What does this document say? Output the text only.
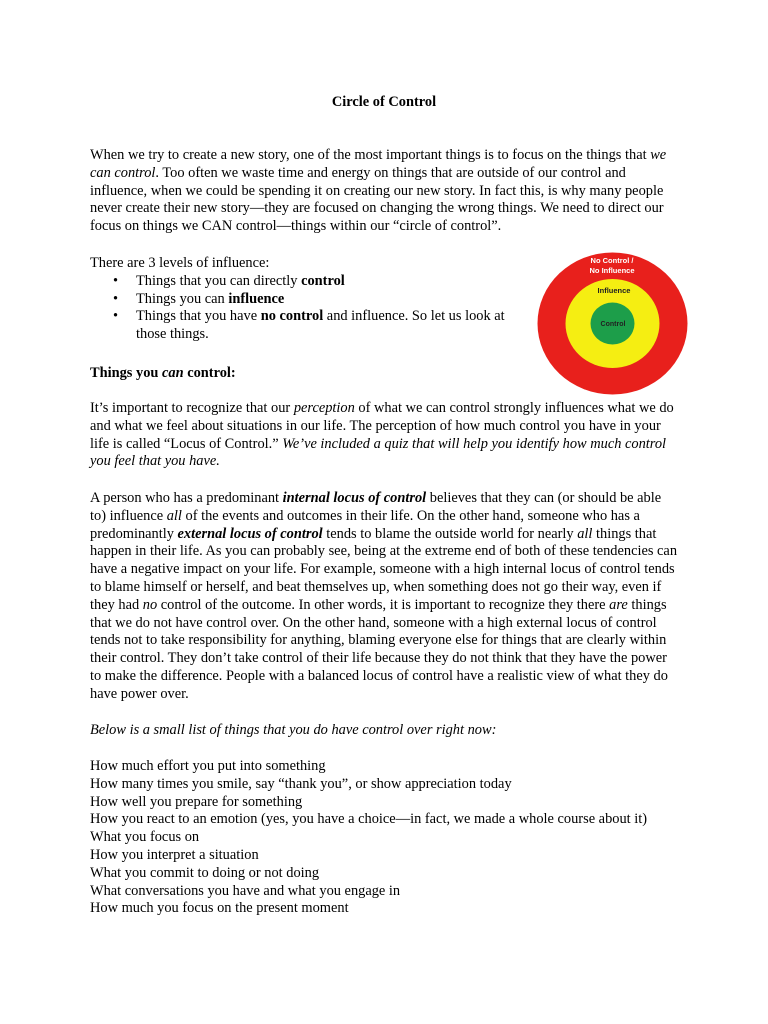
Circle of Control

When we try to create a new story, one of the most important things is to focus on the things that we can control. Too often we waste time and energy on things that are outside of our control and influence, when we could be spending it on creating our new story. In fact this, is why many people never create their new story—they are focused on changing the wrong things. We need to direct our focus on things we CAN control—things within our “circle of control”.

There are 3 levels of influence:

• Things that you can directly control
• Things you can influence
• Things that you have no control and influence. So let us look at those things.
No Control /
No Influence
Influence
Control

Things you can control:

It’s important to recognize that our perception of what we can control strongly influences what we do and what we feel about situations in our life. The perception of how much control you have in your life is called “Locus of Control.” We’ve included a quiz that will help you identify how much control you feel that you have.

A person who has a predominant internal locus of control believes that they can (or should be able to) influence all of the events and outcomes in their life. On the other hand, someone who has a predominantly external locus of control tends to blame the outside world for nearly all things that happen in their life. As you can probably see, being at the extreme end of both of these tendencies can have a negative impact on your life. For example, someone with a high internal locus of control tends to blame himself or herself, and beat themselves up, when something does not go their way, even if they had no control of the outcome. In other words, it is important to recognize they there are things that we do not have control over. On the other hand, someone with a high external locus of control tends not to take responsibility for anything, blaming everyone else for things that are clearly within their control. They don’t take control of their life because they do not think that they have the power to make the difference. People with a balanced locus of control have a realistic view of what they do have power over.

Below is a small list of things that you do have control over right now:

How much effort you put into something
How many times you smile, say “thank you”, or show appreciation today
How well you prepare for something
How you react to an emotion (yes, you have a choice—in fact, we made a whole course about it)
What you focus on
How you interpret a situation
What you commit to doing or not doing
What conversations you have and what you engage in
How much you focus on the present moment
